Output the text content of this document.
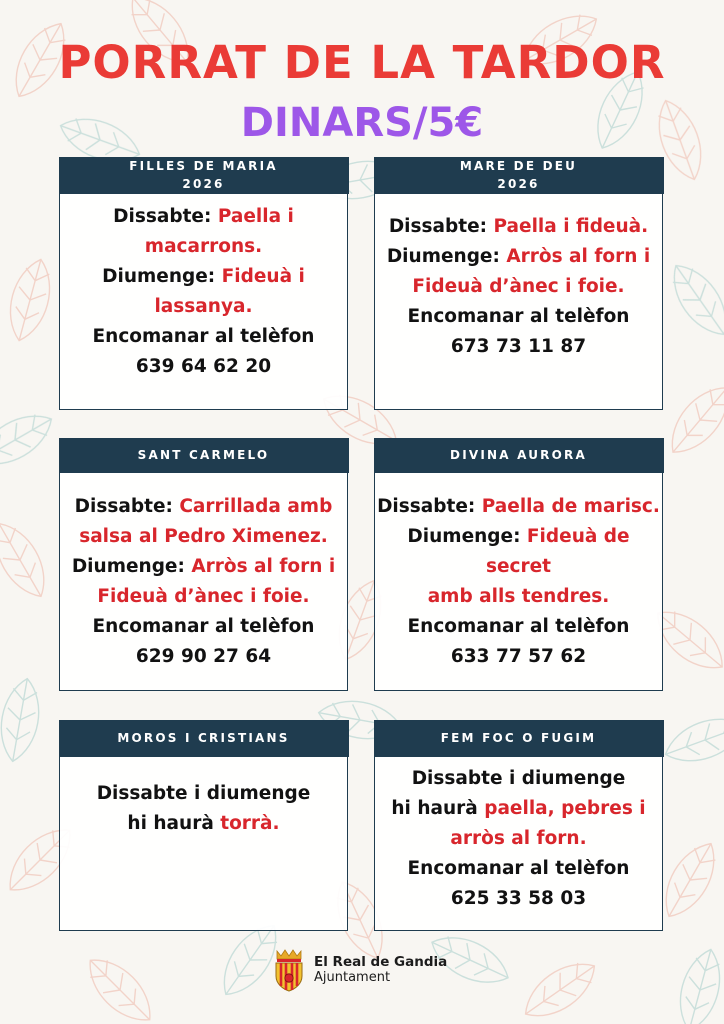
PORRAT DE LA TARDOR
DINARS/5€
FILLES DE MARIA
2026
Dissabte: Paella i
macarrons.
Diumenge: Fideuà i
lassanya.
Encomanar al telèfon
639 64 62 20
MARE DE DEU
2026
Dissabte: Paella i fideuà.
Diumenge: Arròs al forn i
Fideuà d’ànec i foie.
Encomanar al telèfon
673 73 11 87
SANT CARMELO
Dissabte: Carrillada amb
salsa al Pedro Ximenez.
Diumenge: Arròs al forn i
Fideuà d’ànec i foie.
Encomanar al telèfon
629 90 27 64
DIVINA AURORA
Dissabte: Paella de marisc.
Diumenge: Fideuà de
secret
amb alls tendres.
Encomanar al telèfon
633 77 57 62
MOROS I CRISTIANS
Dissabte i diumenge
hi haurà torrà.
FEM FOC O FUGIM
Dissabte i diumenge
hi haurà paella, pebres i
arròs al forn.
Encomanar al telèfon
625 33 58 03
El Real de Gandia
Ajuntament
